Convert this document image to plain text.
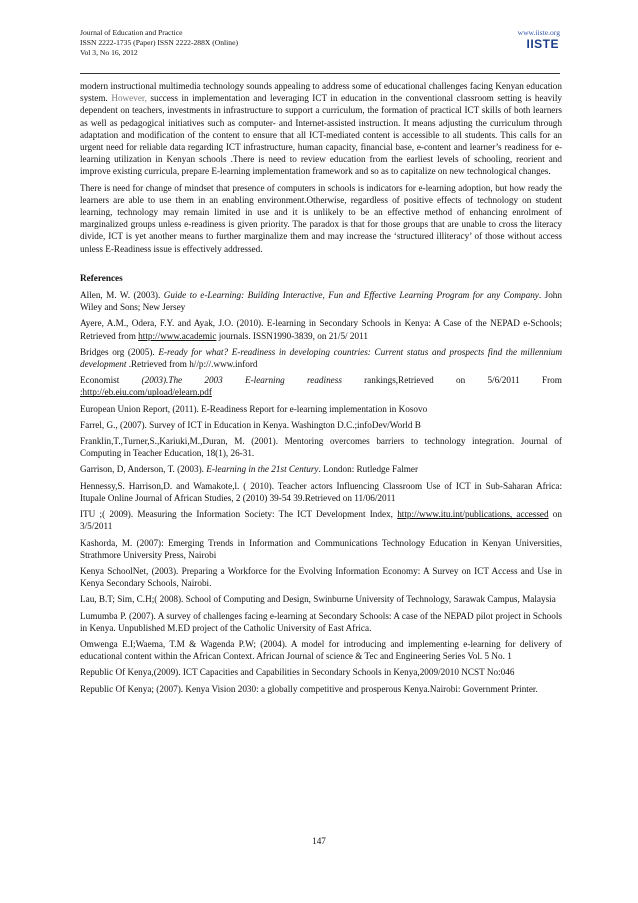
Journal of Education and Practice
ISSN 2222-1735 (Paper) ISSN 2222-288X (Online)
Vol 3, No 16, 2012
www.iiste.org
IISTE

modern instructional multimedia technology sounds appealing to address some of educational challenges facing Kenyan education system. However, success in implementation and leveraging ICT in education in the conventional classroom setting is heavily dependent on teachers, investments in infrastructure to support a curriculum, the formation of practical ICT skills of both learners as well as pedagogical initiatives such as computer- and Internet-assisted instruction. It means adjusting the curriculum through adaptation and modification of the content to ensure that all ICT-mediated content is accessible to all students. This calls for an urgent need for reliable data regarding ICT infrastructure, human capacity, financial base, e-content and learner’s readiness for e-learning utilization in Kenyan schools .There is need to review education from the earliest levels of schooling, reorient and improve existing curricula, prepare E-learning implementation framework and so as to capitalize on new technological changes.

There is need for change of mindset that presence of computers in schools is indicators for e-learning adoption, but how ready the learners are able to use them in an enabling environment.Otherwise, regardless of positive effects of technology on student learning, technology may remain limited in use and it is unlikely to be an effective method of enhancing enrolment of marginalized groups unless e-readiness is given priority. The paradox is that for those groups that are unable to cross the literacy divide, ICT is yet another means to further marginalize them and may increase the ‘structured illiteracy’ of those without access unless E-Readiness issue is effectively addressed.

References

Allen, M. W. (2003). Guide to e-Learning: Building Interactive, Fun and Effective Learning Program for any Company. John Wiley and Sons; New Jersey

Ayere, A.M., Odera, F.Y. and Ayak, J.O. (2010). E-learning in Secondary Schools in Kenya: A Case of the NEPAD e-Schools; Retrieved from http://www.academic journals. ISSN1990-3839, on 21/5/ 2011

Bridges org (2005). E-ready for what? E-readiness in developing countries: Current status and prospects find the millennium development .Retrieved from h//p://.www.inford

Economist (2003).The 2003 E-learning readiness rankings,Retrieved on 5/6/2011 From
:http://eb.eiu.com/upload/elearn.pdf

European Union Report, (2011). E-Readiness Report for e-learning implementation in Kosovo

Farrel, G., (2007). Survey of ICT in Education in Kenya. Washington D.C.;infoDev/World B

Franklin,T.,Turner,S.,Kariuki,M.,Duran, M. (2001). Mentoring overcomes barriers to technology integration. Journal of Computing in Teacher Education, 18(1), 26-31.

Garrison, D, Anderson, T. (2003). E-learning in the 21st Century. London: Rutledge Falmer

Hennessy,S. Harrison,D. and Wamakote,l. ( 2010). Teacher actors Influencing Classroom Use of ICT in Sub-Saharan Africa: Itupale Online Journal of African Studies, 2 (2010) 39-54 39.Retrieved on 11/06/2011

ITU ;( 2009). Measuring the Information Society: The ICT Development Index, http://www.itu.int/publications, accessed on 3/5/2011

Kashorda, M. (2007): Emerging Trends in Information and Communications Technology Education in Kenyan Universities, Strathmore University Press, Nairobi

Kenya SchoolNet, (2003). Preparing a Workforce for the Evolving Information Economy: A Survey on ICT Access and Use in Kenya Secondary Schools, Nairobi.

Lau, B.T; Sim, C.H;( 2008). School of Computing and Design, Swinburne University of Technology, Sarawak Campus, Malaysia

Lumumba P. (2007). A survey of challenges facing e-learning at Secondary Schools: A case of the NEPAD pilot project in Schools in Kenya. Unpublished M.ED project of the Catholic University of East Africa.

Omwenga E.I;Waema, T.M & Wagenda P.W; (2004). A model for introducing and implementing e-learning for delivery of educational content within the African Context. African Journal of science & Tec and Engineering Series Vol. 5 No. 1

Republic Of Kenya,(2009). ICT Capacities and Capabilities in Secondary Schools in Kenya,2009/2010 NCST No:046

Republic Of Kenya; (2007). Kenya Vision 2030: a globally competitive and prosperous Kenya.Nairobi: Government Printer.

147
